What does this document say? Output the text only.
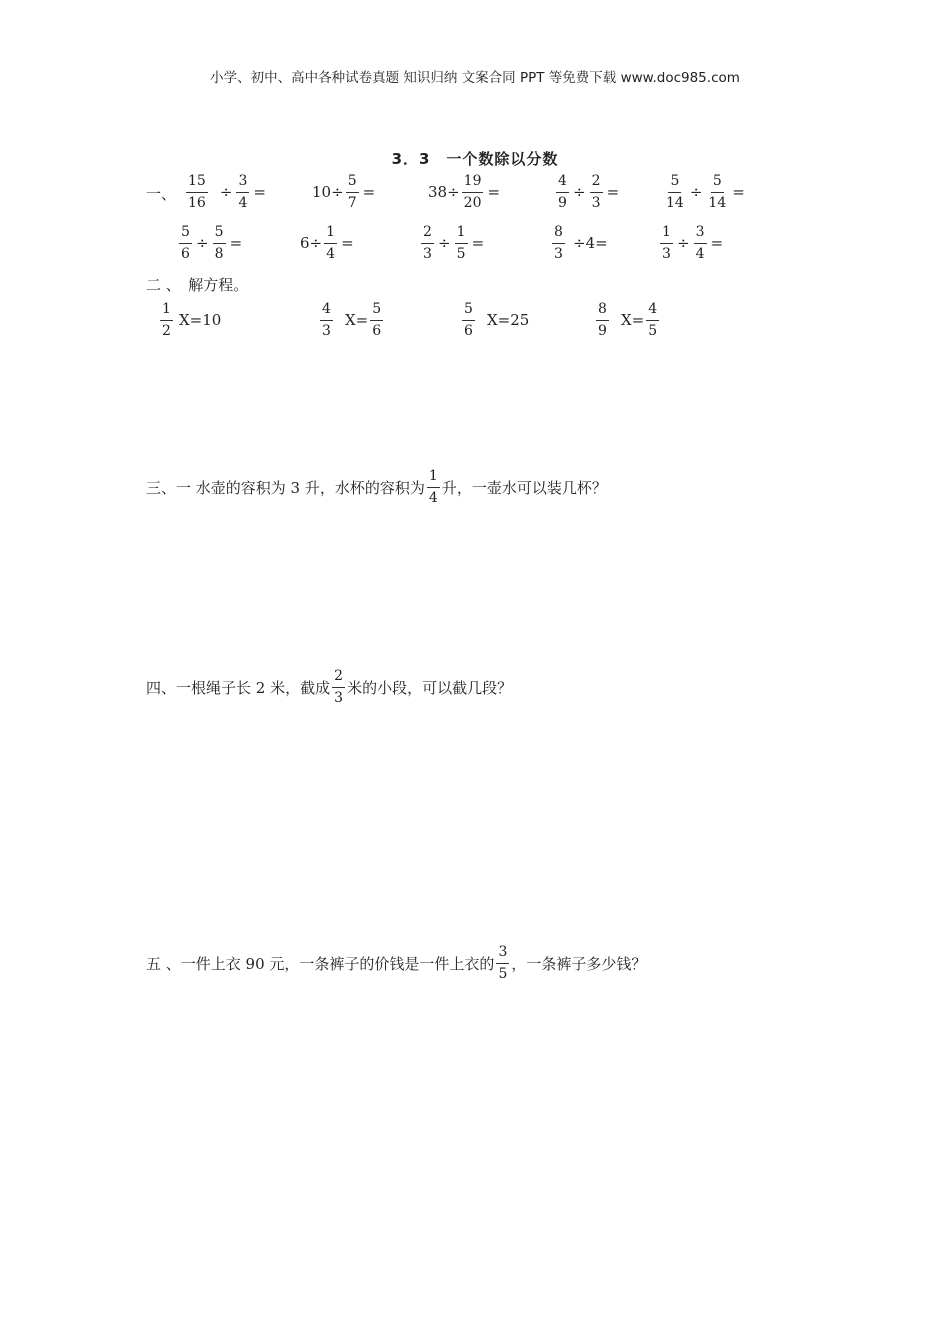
小学、初中、高中各种试卷真题 知识归纳 文案合同 PPT 等免费下载 www.doc985.com
3．3　一个数除以分数
一、 $\frac{15}{16} \div \frac{3}{4}$ =	$10\div \frac{5}{7}$ =	$38\div \frac{19}{20}$ =	$\frac{4}{9} \div \frac{2}{3}$ =	$\frac{5}{14} \div \frac{5}{14}$ =
$\frac{5}{6} \div \frac{5}{8}$ =	$6\div \frac{1}{4}$ =	$\frac{2}{3} \div \frac{1}{5}$ =	$\frac{8}{3} \div 4=$	$\frac{1}{3} \div \frac{3}{4}$ =
二 、　解方程。
$\frac{1}{2} X=10$	$\frac{4}{3} X= \frac{5}{6}$	$\frac{5}{6} X=25$	$\frac{8}{9} X= \frac{4}{5}$
三、一 水壶的容积为 3 升，水杯的容积为 $\frac{1}{4}$ 升，一壶水可以装几杯？
四、一根绳子长 2 米，截成 $\frac{2}{3}$ 米的小段，可以截几段？
五 、一件上衣 90 元，一条裤子的价钱是一件上衣的 $\frac{3}{5}$ ，一条裤子多少钱？
